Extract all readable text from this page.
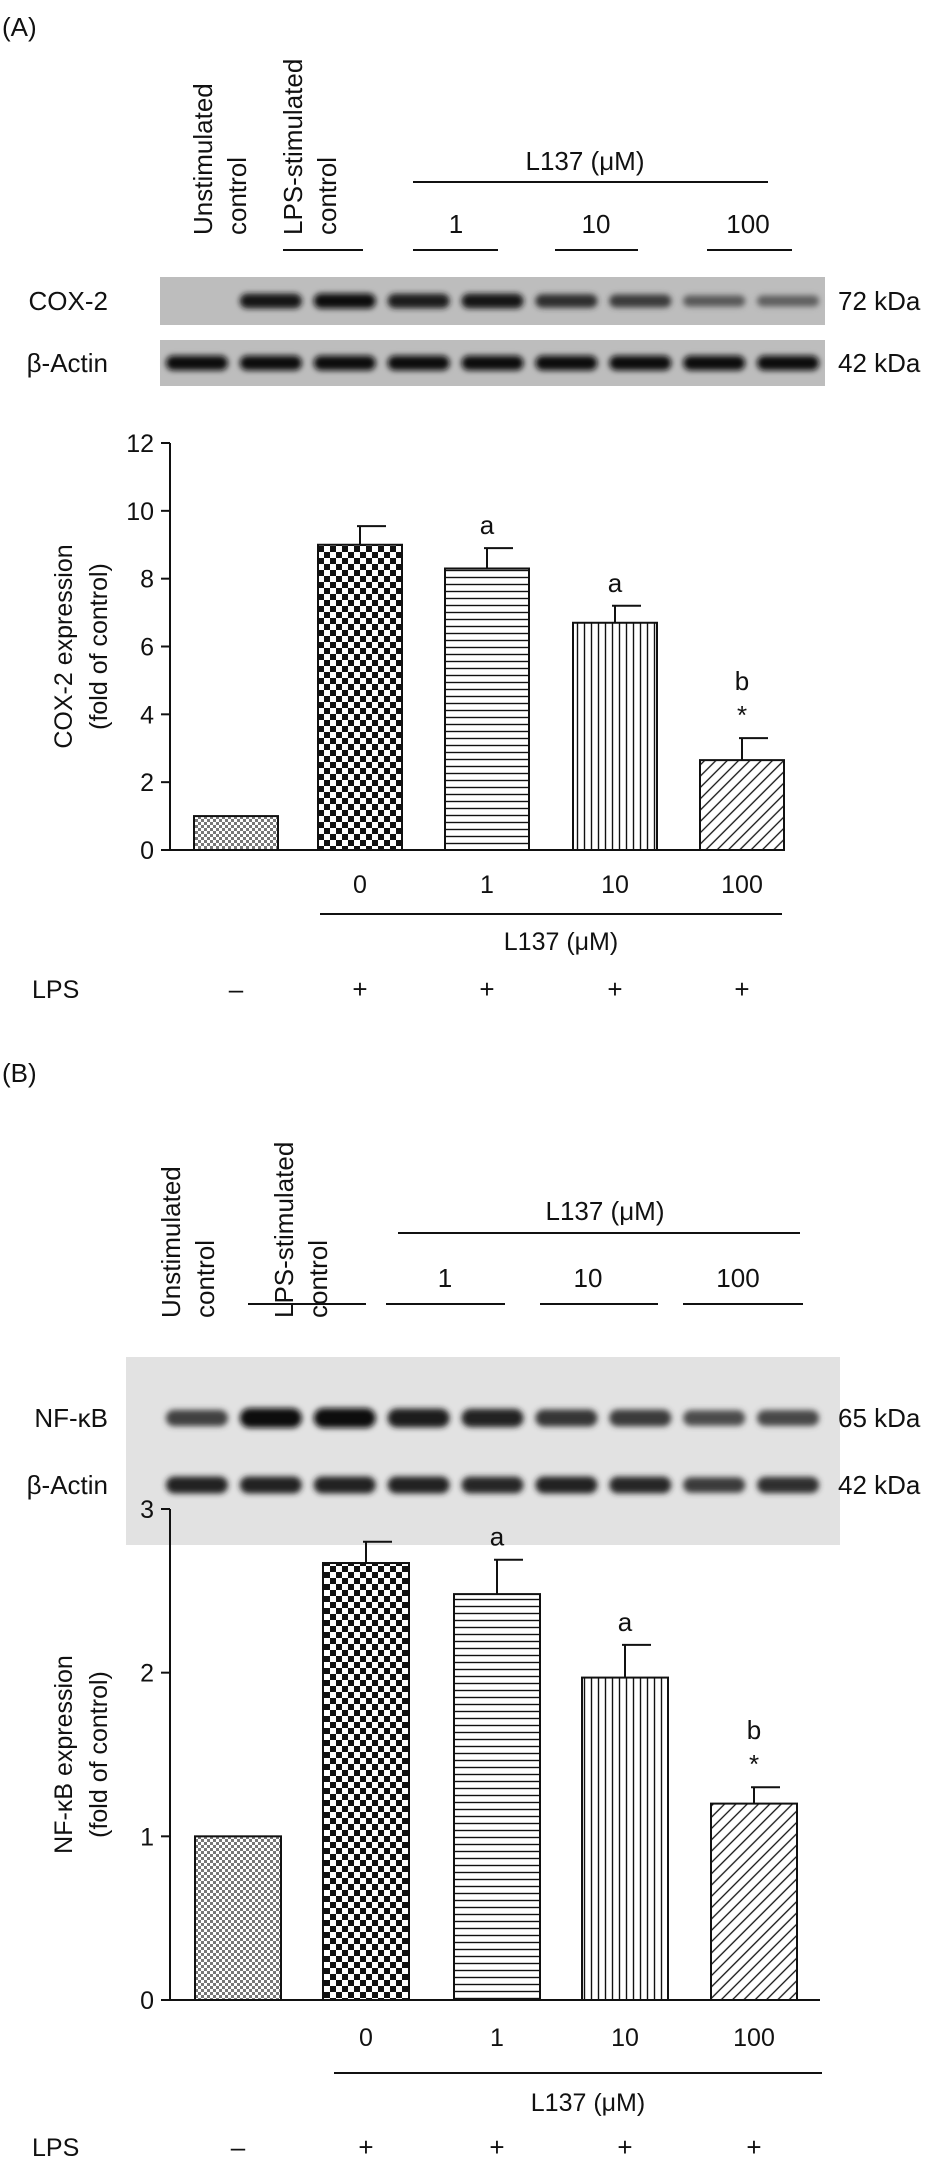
(A)
Unstimulated control LPS-stimulated control	L137 (μM)
1	10	100
COX-2	72 kDa
β-Actin	42 kDa
0
2
4
6
8
10
12
COX-2 expression (fold of control)
0
a
1
a
10
*
b
100
L137 (μM)
LPS	–	+	+	+	+
(B)
Unstimulated control LPS-stimulated control
L137 (μM)
1	10	100
NF-κB	65 kDa
β-Actin	42 kDa
0
1
2
3
NF-κB expression (fold of control)
0
a
1
a
10
*
b
100
L137 (μM)
LPS	–	+	+	+	+
